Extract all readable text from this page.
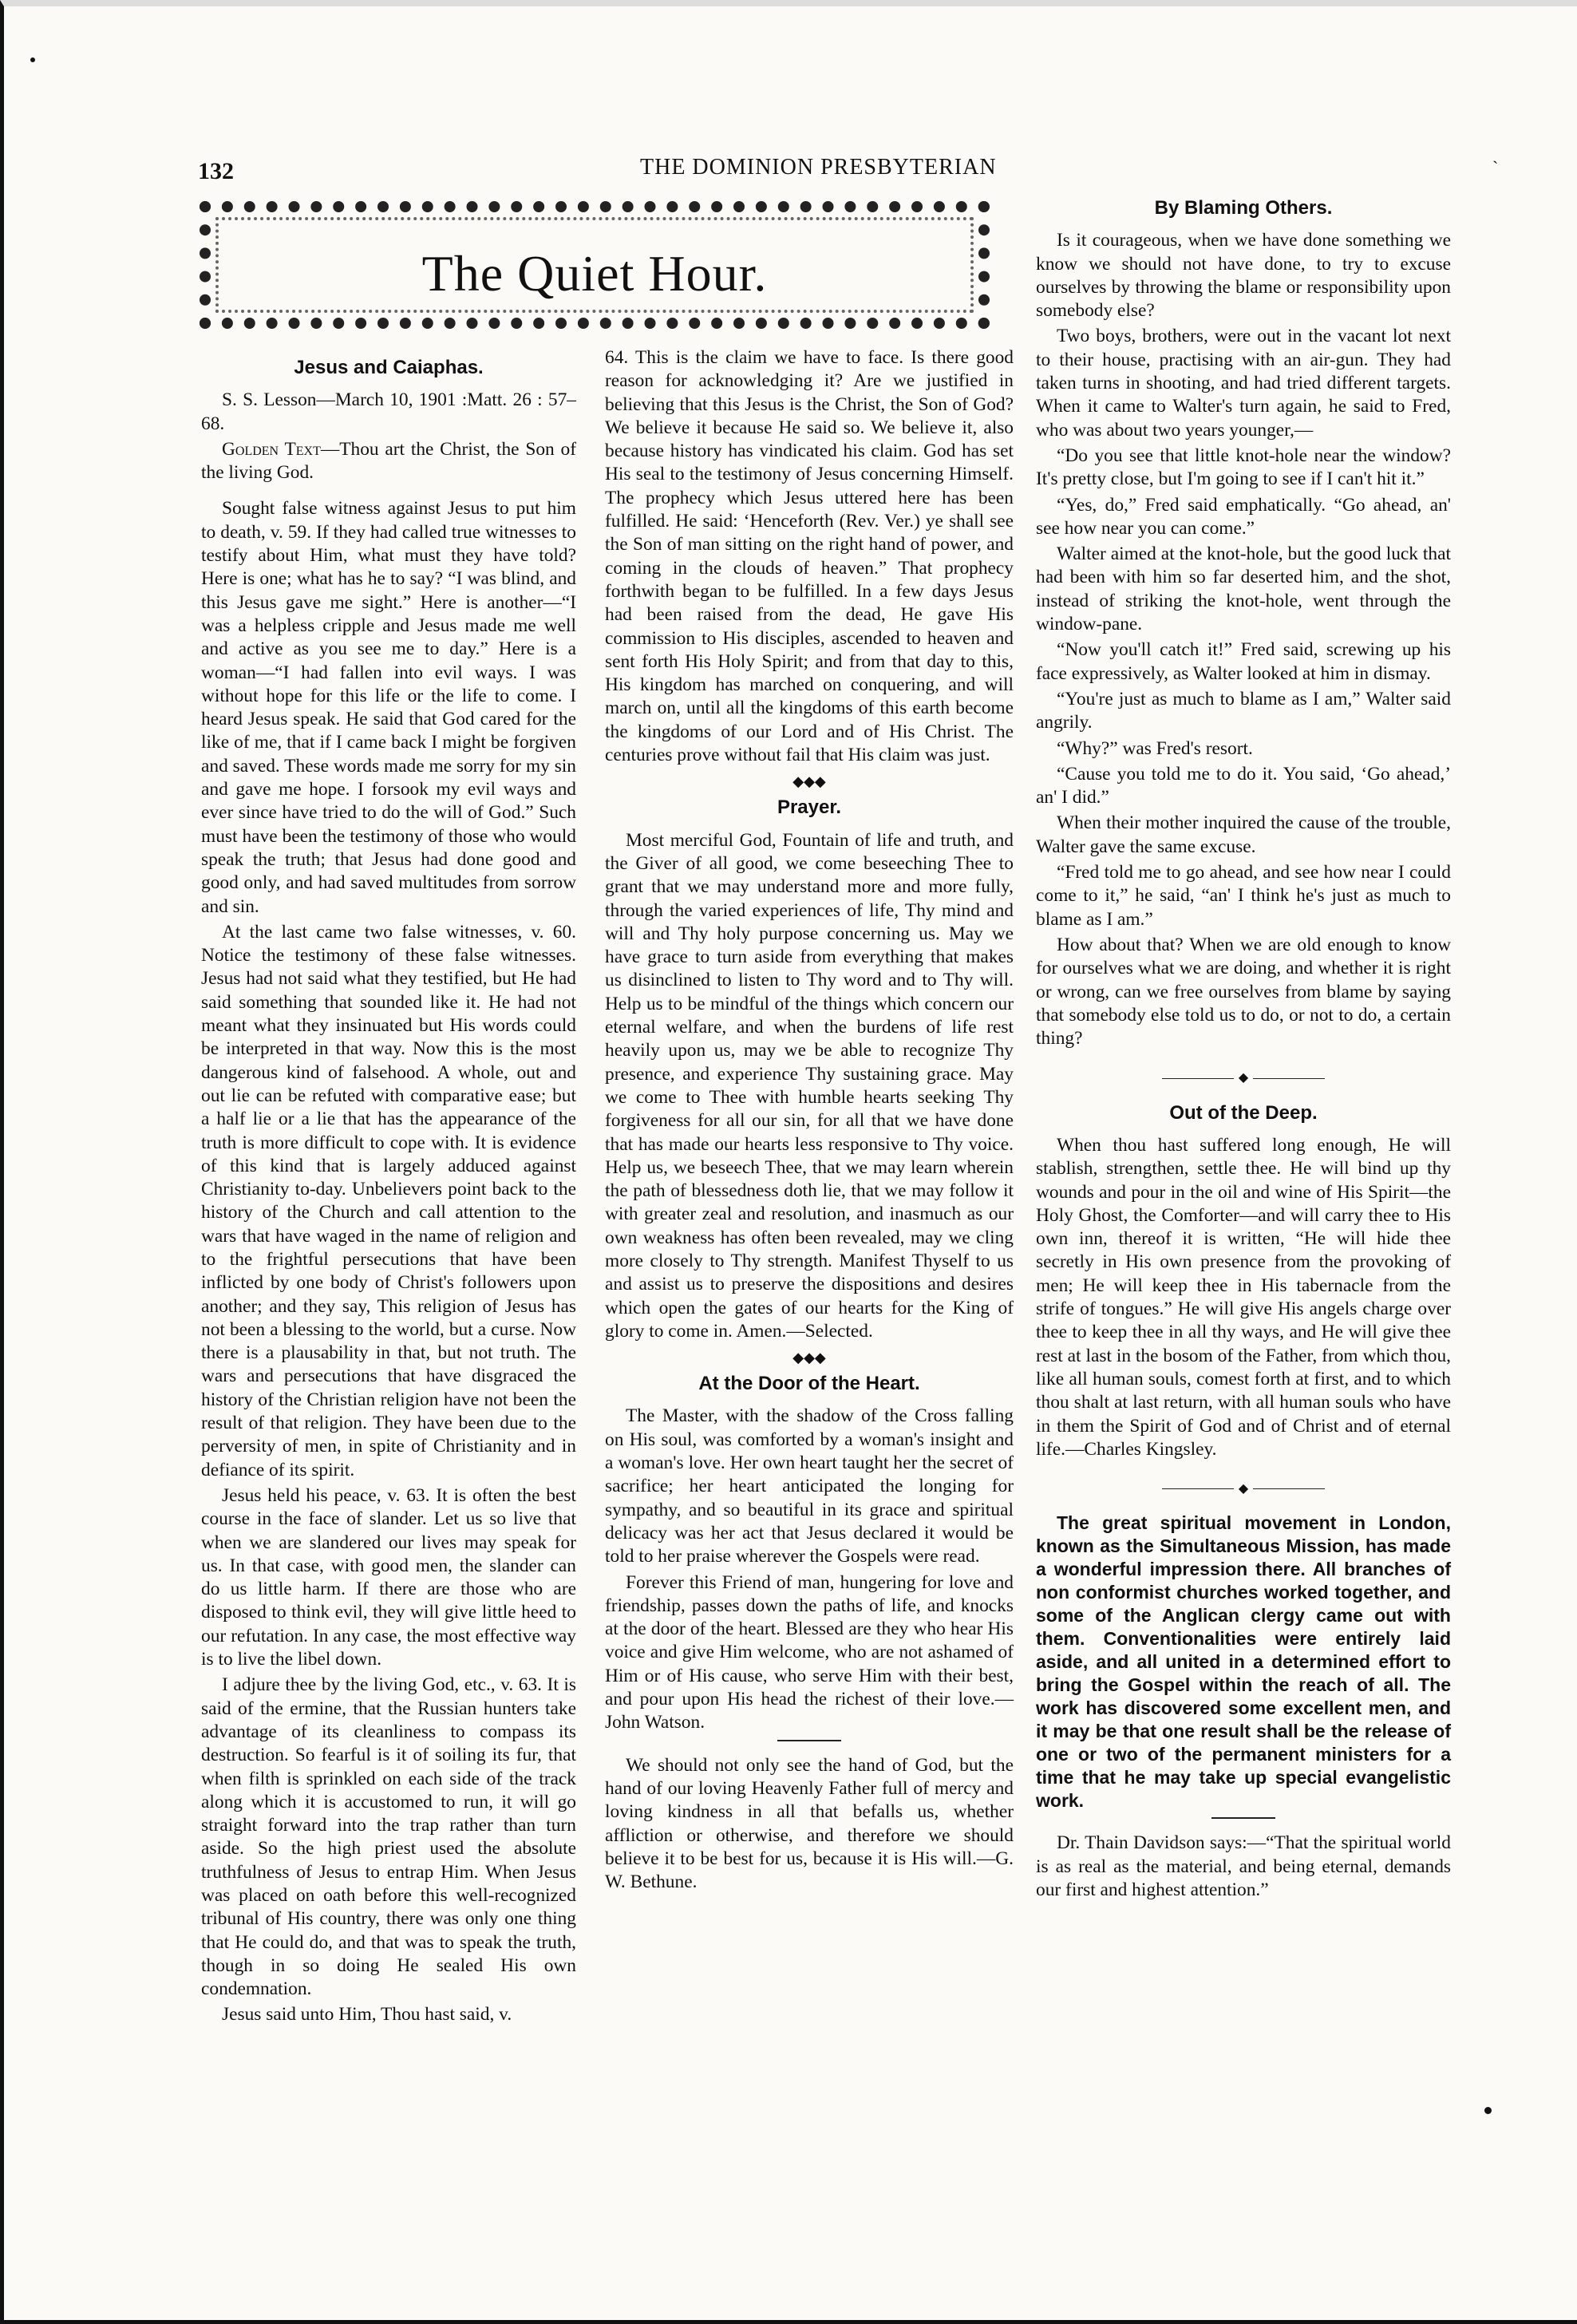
132	THE DOMINION PRESBYTERIAN
The Quiet Hour.
Jesus and Caiaphas.

S. S. Lesson—March 10, 1901 :Matt. 26 : 57–68.

Golden Text—Thou art the Christ, the Son of the living God.

Sought false witness against Jesus to put him to death, v. 59. If they had called true witnesses to testify about Him, what must they have told? Here is one; what has he to say? “I was blind, and this Jesus gave me sight.” Here is another—“I was a helpless cripple and Jesus made me well and active as you see me to day.” Here is a woman—“I had fallen into evil ways. I was without hope for this life or the life to come. I heard Jesus speak. He said that God cared for the like of me, that if I came back I might be forgiven and saved. These words made me sorry for my sin and gave me hope. I forsook my evil ways and ever since have tried to do the will of God.” Such must have been the testimony of those who would speak the truth; that Jesus had done good and good only, and had saved multitudes from sorrow and sin.

At the last came two false witnesses, v. 60. Notice the testimony of these false witnesses. Jesus had not said what they testified, but He had said something that sounded like it. He had not meant what they insinuated but His words could be interpreted in that way. Now this is the most dangerous kind of falsehood. A whole, out and out lie can be refuted with comparative ease; but a half lie or a lie that has the appearance of the truth is more difficult to cope with. It is evidence of this kind that is largely adduced against Christianity to-day. Unbelievers point back to the history of the Church and call attention to the wars that have waged in the name of religion and to the frightful persecutions that have been inflicted by one body of Christ's followers upon another; and they say, This religion of Jesus has not been a blessing to the world, but a curse. Now there is a plausability in that, but not truth. The wars and persecutions that have disgraced the history of the Christian religion have not been the result of that religion. They have been due to the perversity of men, in spite of Christianity and in defiance of its spirit.

Jesus held his peace, v. 63. It is often the best course in the face of slander. Let us so live that when we are slandered our lives may speak for us. In that case, with good men, the slander can do us little harm. If there are those who are disposed to think evil, they will give little heed to our refutation. In any case, the most effective way is to live the libel down.

I adjure thee by the living God, etc., v. 63. It is said of the ermine, that the Russian hunters take advantage of its cleanliness to compass its destruction. So fearful is it of soiling its fur, that when filth is sprinkled on each side of the track along which it is accustomed to run, it will go straight forward into the trap rather than turn aside. So the high priest used the absolute truthfulness of Jesus to entrap Him. When Jesus was placed on oath before this well-recognized tribunal of His country, there was only one thing that He could do, and that was to speak the truth, though in so doing He sealed His own condemnation.

Jesus said unto Him, Thou hast said, v.

64. This is the claim we have to face. Is there good reason for acknowledging it? Are we justified in believing that this Jesus is the Christ, the Son of God? We believe it because He said so. We believe it, also because history has vindicated his claim. God has set His seal to the testimony of Jesus concerning Himself. The prophecy which Jesus uttered here has been fulfilled. He said: ‘Henceforth (Rev. Ver.) ye shall see the Son of man sitting on the right hand of power, and coming in the clouds of heaven.” That prophecy forthwith began to be fulfilled. In a few days Jesus had been raised from the dead, He gave His commission to His disciples, ascended to heaven and sent forth His Holy Spirit; and from that day to this, His kingdom has marched on conquering, and will march on, until all the kingdoms of this earth become the kingdoms of our Lord and of His Christ. The centuries prove without fail that His claim was just.

◆◆◆
Prayer.

Most merciful God, Fountain of life and truth, and the Giver of all good, we come beseeching Thee to grant that we may understand more and more fully, through the varied experiences of life, Thy mind and will and Thy holy purpose concerning us. May we have grace to turn aside from everything that makes us disinclined to listen to Thy word and to Thy will. Help us to be mindful of the things which concern our eternal welfare, and when the burdens of life rest heavily upon us, may we be able to recognize Thy presence, and experience Thy sustaining grace. May we come to Thee with humble hearts seeking Thy forgiveness for all our sin, for all that we have done that has made our hearts less responsive to Thy voice. Help us, we beseech Thee, that we may learn wherein the path of blessedness doth lie, that we may follow it with greater zeal and resolution, and inasmuch as our own weakness has often been revealed, may we cling more closely to Thy strength. Manifest Thyself to us and assist us to preserve the dispositions and desires which open the gates of our hearts for the King of glory to come in. Amen.—Selected.

◆◆◆
At the Door of the Heart.

The Master, with the shadow of the Cross falling on His soul, was comforted by a woman's insight and a woman's love. Her own heart taught her the secret of sacrifice; her heart anticipated the longing for sympathy, and so beautiful in its grace and spiritual delicacy was her act that Jesus declared it would be told to her praise wherever the Gospels were read.

Forever this Friend of man, hungering for love and friendship, passes down the paths of life, and knocks at the door of the heart. Blessed are they who hear His voice and give Him welcome, who are not ashamed of Him or of His cause, who serve Him with their best, and pour upon His head the richest of their love.—John Watson.

We should not only see the hand of God, but the hand of our loving Heavenly Father full of mercy and loving kindness in all that befalls us, whether affliction or otherwise, and therefore we should believe it to be best for us, because it is His will.—G. W. Bethune.

By Blaming Others.

Is it courageous, when we have done something we know we should not have done, to try to excuse ourselves by throwing the blame or responsibility upon somebody else?

Two boys, brothers, were out in the vacant lot next to their house, practising with an air-gun. They had taken turns in shooting, and had tried different targets. When it came to Walter's turn again, he said to Fred, who was about two years younger,—

“Do you see that little knot-hole near the window? It's pretty close, but I'm going to see if I can't hit it.”

“Yes, do,” Fred said emphatically. “Go ahead, an' see how near you can come.”

Walter aimed at the knot-hole, but the good luck that had been with him so far deserted him, and the shot, instead of striking the knot-hole, went through the window-pane.

“Now you'll catch it!” Fred said, screwing up his face expressively, as Walter looked at him in dismay.

“You're just as much to blame as I am,” Walter said angrily.

“Why?” was Fred's resort.

“Cause you told me to do it. You said, ‘Go ahead,’ an' I did.”

When their mother inquired the cause of the trouble, Walter gave the same excuse.

“Fred told me to go ahead, and see how near I could come to it,” he said, “an' I think he's just as much to blame as I am.”

How about that? When we are old enough to know for ourselves what we are doing, and whether it is right or wrong, can we free ourselves from blame by saying that somebody else told us to do, or not to do, a certain thing?

◆
Out of the Deep.

When thou hast suffered long enough, He will stablish, strengthen, settle thee. He will bind up thy wounds and pour in the oil and wine of His Spirit—the Holy Ghost, the Comforter—and will carry thee to His own inn, thereof it is written, “He will hide thee secretly in His own presence from the provoking of men; He will keep thee in His tabernacle from the strife of tongues.” He will give His angels charge over thee to keep thee in all thy ways, and He will give thee rest at last in the bosom of the Father, from which thou, like all human souls, comest forth at first, and to which thou shalt at last return, with all human souls who have in them the Spirit of God and of Christ and of eternal life.—Charles Kingsley.

◆

The great spiritual movement in London, known as the Simultaneous Mission, has made a wonderful impression there. All branches of non conformist churches worked together, and some of the Anglican clergy came out with them. Conventionalities were entirely laid aside, and all united in a determined effort to bring the Gospel within the reach of all. The work has discovered some excellent men, and it may be that one result shall be the release of one or two of the permanent ministers for a time that he may take up special evangelistic work.

Dr. Thain Davidson says:—“That the spiritual world is as real as the material, and being eternal, demands our first and highest attention.”

ˏ
